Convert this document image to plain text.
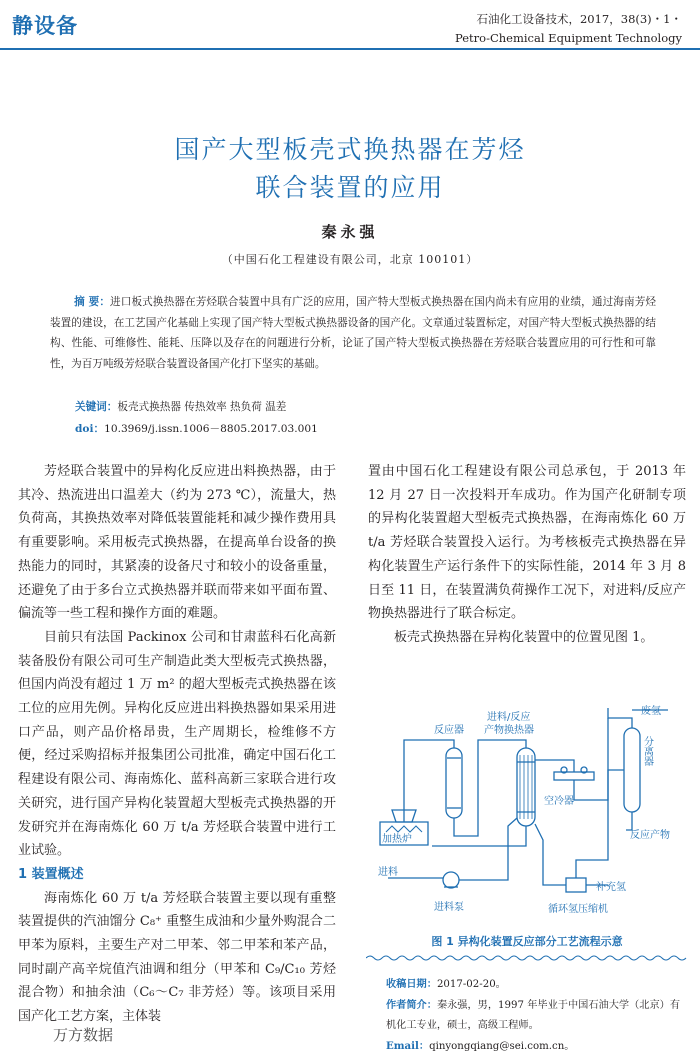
静设备	石油化工设备技术，2017，38(3)・1・
Petro-Chemical Equipment Technology
国产大型板壳式换热器在芳烃
联合装置的应用
秦永强
（中国石化工程建设有限公司，北京 100101）
摘 要：进口板式换热器在芳烃联合装置中具有广泛的应用，国产特大型板式换热器在国内尚未有应用的业绩，通过海南芳烃装置的建设，在工艺国产化基础上实现了国产特大型板式换热器设备的国产化。文章通过装置标定，对国产特大型板式换热器的结构、性能、可维修性、能耗、压降以及存在的问题进行分析，论证了国产特大型板式换热器在芳烃联合装置应用的可行性和可靠性，为百万吨级芳烃联合装置设备国产化打下坚实的基础。
关键词：板壳式换热器 传热效率 热负荷 温差
doi：10.3969/j.issn.1006－8805.2017.03.001

芳烃联合装置中的异构化反应进出料换热器，由于其冷、热流进出口温差大（约为 273 ℃），流量大，热负荷高，其换热效率对降低装置能耗和减少操作费用具有重要影响。采用板壳式换热器，在提高单台设备的换热能力的同时，其紧凑的设备尺寸和较小的设备重量，还避免了由于多台立式换热器并联而带来如平面布置、偏流等一些工程和操作方面的难题。

目前只有法国 Packinox 公司和甘肃蓝科石化高新装备股份有限公司可生产制造此类大型板壳式换热器，但国内尚没有超过 1 万 m² 的超大型板壳式换热器在该工位的应用先例。异构化反应进出料换热器如果采用进口产品，则产品价格昂贵，生产周期长，检维修不方便，经过采购招标并报集团公司批准，确定中国石化工程建设有限公司、海南炼化、蓝科高新三家联合进行攻关研究，进行国产异构化装置超大型板壳式换热器的开发研究并在海南炼化 60 万 t/a 芳烃联合装置中进行工业试验。

1 装置概述

海南炼化 60 万 t/a 芳烃联合装置主要以现有重整装置提供的汽油馏分 C₈⁺ 重整生成油和少量外购混合二甲苯为原料，主要生产对二甲苯、邻二甲苯和苯产品，同时副产高辛烷值汽油调和组分（甲苯和 C₉/C₁₀ 芳烃混合物）和抽余油（C₆～C₇ 非芳烃）等。该项目采用国产化工艺方案，主体装

置由中国石化工程建设有限公司总承包，于 2013 年 12 月 27 日一次投料开车成功。作为国产化研制专项的异构化装置超大型板壳式换热器，在海南炼化 60 万 t/a 芳烃联合装置投入运行。为考核板壳式换热器在异构化装置生产运行条件下的实际性能，2014 年 3 月 8 日至 11 日，在装置满负荷操作工况下，对进料/反应产物换热器进行了联合标定。

板壳式换热器在异构化装置中的位置见图 1。

反应器
进料/反应
产物换热器
废氢
分离器
空冷器
加热炉	反应产物
进料
补充氢
进料泵	循环氢压缩机
图 1 异构化装置反应部分工艺流程示意
收稿日期：2017-02-20。
作者简介：秦永强，男，1997 年毕业于中国石油大学（北京）有机化工专业，硕士，高级工程师。
Email：qinyongqiang@sei.com.cn。
万方数据
